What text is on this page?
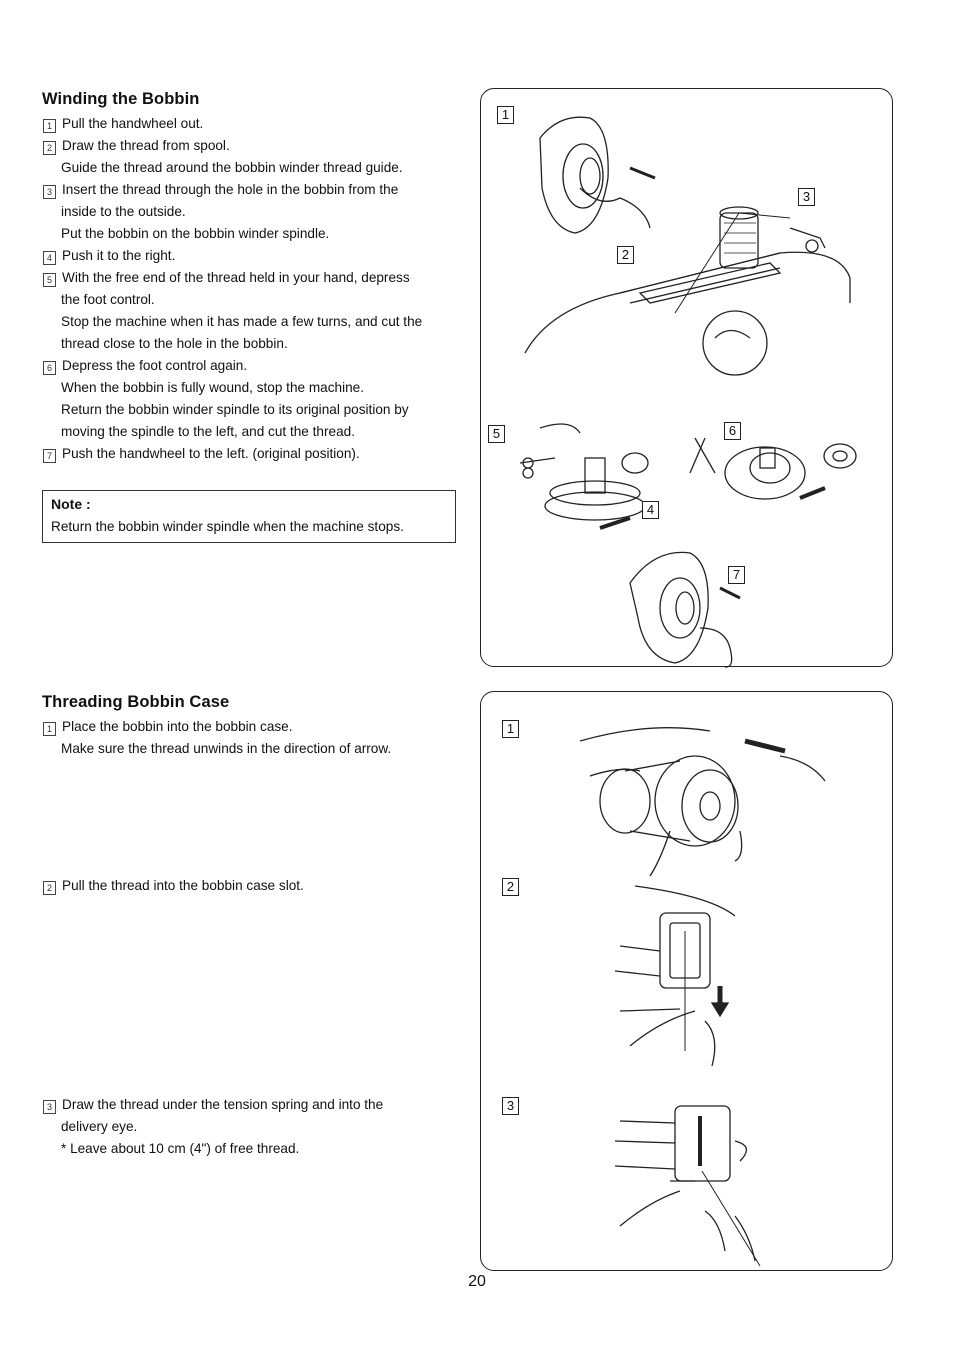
Winding the Bobbin
1 Pull the handwheel out.
2 Draw the thread from spool.
Guide the thread around the bobbin winder thread guide.
3 Insert the thread through the hole in the bobbin from the
inside to the outside.
Put the bobbin on the bobbin winder spindle.
4 Push it to the right.
5 With the free end of the thread held in your hand, depress
the foot control.
Stop the machine when it has made a few turns, and cut the
thread close to the hole in the bobbin.
6 Depress the foot control again.
When the bobbin is fully wound, stop the machine.
Return the bobbin winder spindle to its original position by
moving the spindle to the left, and cut the thread.
7 Push the handwheel to the left. (original position).
Note :
Return the bobbin winder spindle when the machine stops.
1
2
3
4
5	6
7
Threading Bobbin Case
1 Place the bobbin into the bobbin case.
Make sure the thread unwinds in the direction of arrow.
2 Pull the thread into the bobbin case slot.
3 Draw the thread under the tension spring and into the
delivery eye.
* Leave about 10 cm (4") of free thread.
1
2
3
20
